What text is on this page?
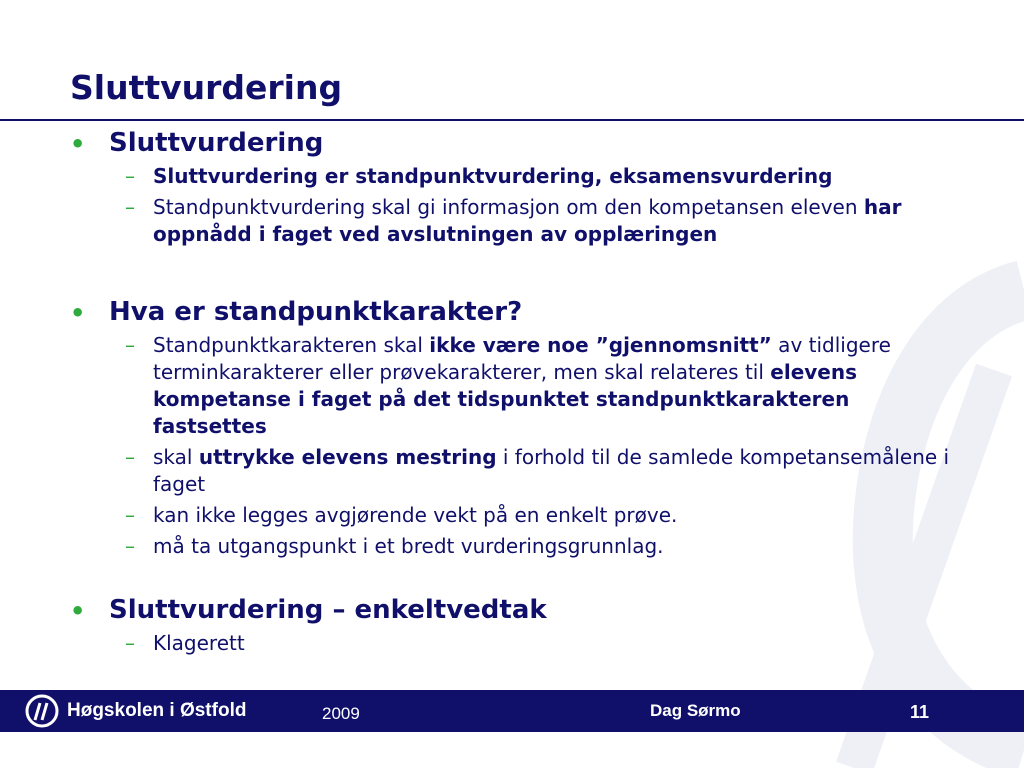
Sluttvurdering
• Sluttvurdering
– Sluttvurdering er standpunktvurdering, eksamensvurdering
– Standpunktvurdering skal gi informasjon om den kompetansen eleven har oppnådd i faget ved avslutningen av opplæringen
• Hva er standpunktkarakter?
– Standpunktkarakteren skal ikke være noe ”gjennomsnitt” av tidligere terminkarakterer eller prøvekarakterer, men skal relateres til elevens kompetanse i faget på det tidspunktet standpunktkarakteren fastsettes
– skal uttrykke elevens mestring i forhold til de samlede kompetansemålene i faget
– kan ikke legges avgjørende vekt på en enkelt prøve.
– må ta utgangspunkt i et bredt vurderingsgrunnlag.
• Sluttvurdering – enkeltvedtak
– Klagerett
Høgskolen i Østfold	2009	Dag Sørmo	11
